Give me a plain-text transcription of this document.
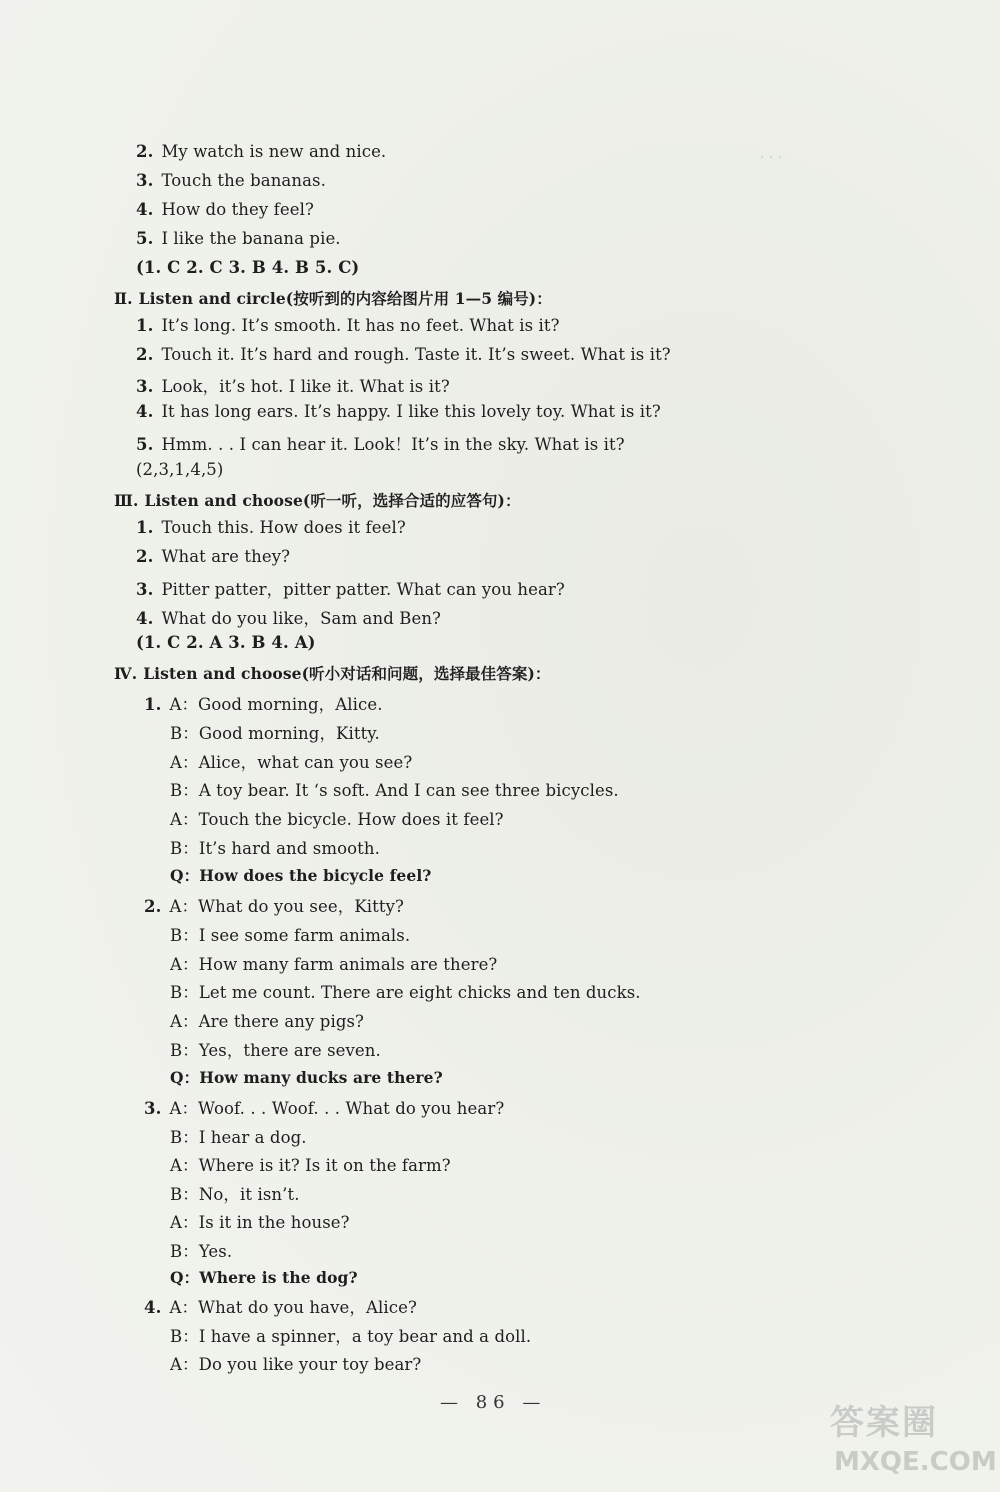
· · ·
2. My watch is new and nice.
3. Touch the bananas.
4. How do they feel?
5. I like the banana pie.
(1. C 2. C 3. B 4. B 5. C)
Ⅱ. Listen and circle(按听到的内容给图片用 1—5 编号)：
1. It’s long. It’s smooth. It has no feet. What is it?
2. Touch it. It’s hard and rough. Taste it. It’s sweet. What is it?
3. Look，it’s hot. I like it. What is it?
4. It has long ears. It’s happy. I like this lovely toy. What is it?
5. Hmm. . . I can hear it. Look！It’s in the sky. What is it?
(2,3,1,4,5)
Ⅲ. Listen and choose(听一听，选择合适的应答句)：
1. Touch this. How does it feel?
2. What are they?
3. Pitter patter，pitter patter. What can you hear?
4. What do you like，Sam and Ben?
(1. C 2. A 3. B 4. A)
Ⅳ. Listen and choose(听小对话和问题，选择最佳答案)：
1. A：Good morning，Alice.
B：Good morning，Kitty.
A：Alice，what can you see?
B：A toy bear. It ‘s soft. And I can see three bicycles.
A：Touch the bicycle. How does it feel?
B：It’s hard and smooth.
Q：How does the bicycle feel?
2. A：What do you see，Kitty?
B：I see some farm animals.
A：How many farm animals are there?
B：Let me count. There are eight chicks and ten ducks.
A：Are there any pigs?
B：Yes，there are seven.
Q：How many ducks are there?
3. A：Woof. . . Woof. . . What do you hear?
B：I hear a dog.
A：Where is it? Is it on the farm?
B：No，it isn’t.
A：Is it in the house?
B：Yes.
Q：Where is the dog?
4. A：What do you have，Alice?
B：I have a spinner，a toy bear and a doll.
A：Do you like your toy bear?
— 86 —
答案圈
MXQE.COM
